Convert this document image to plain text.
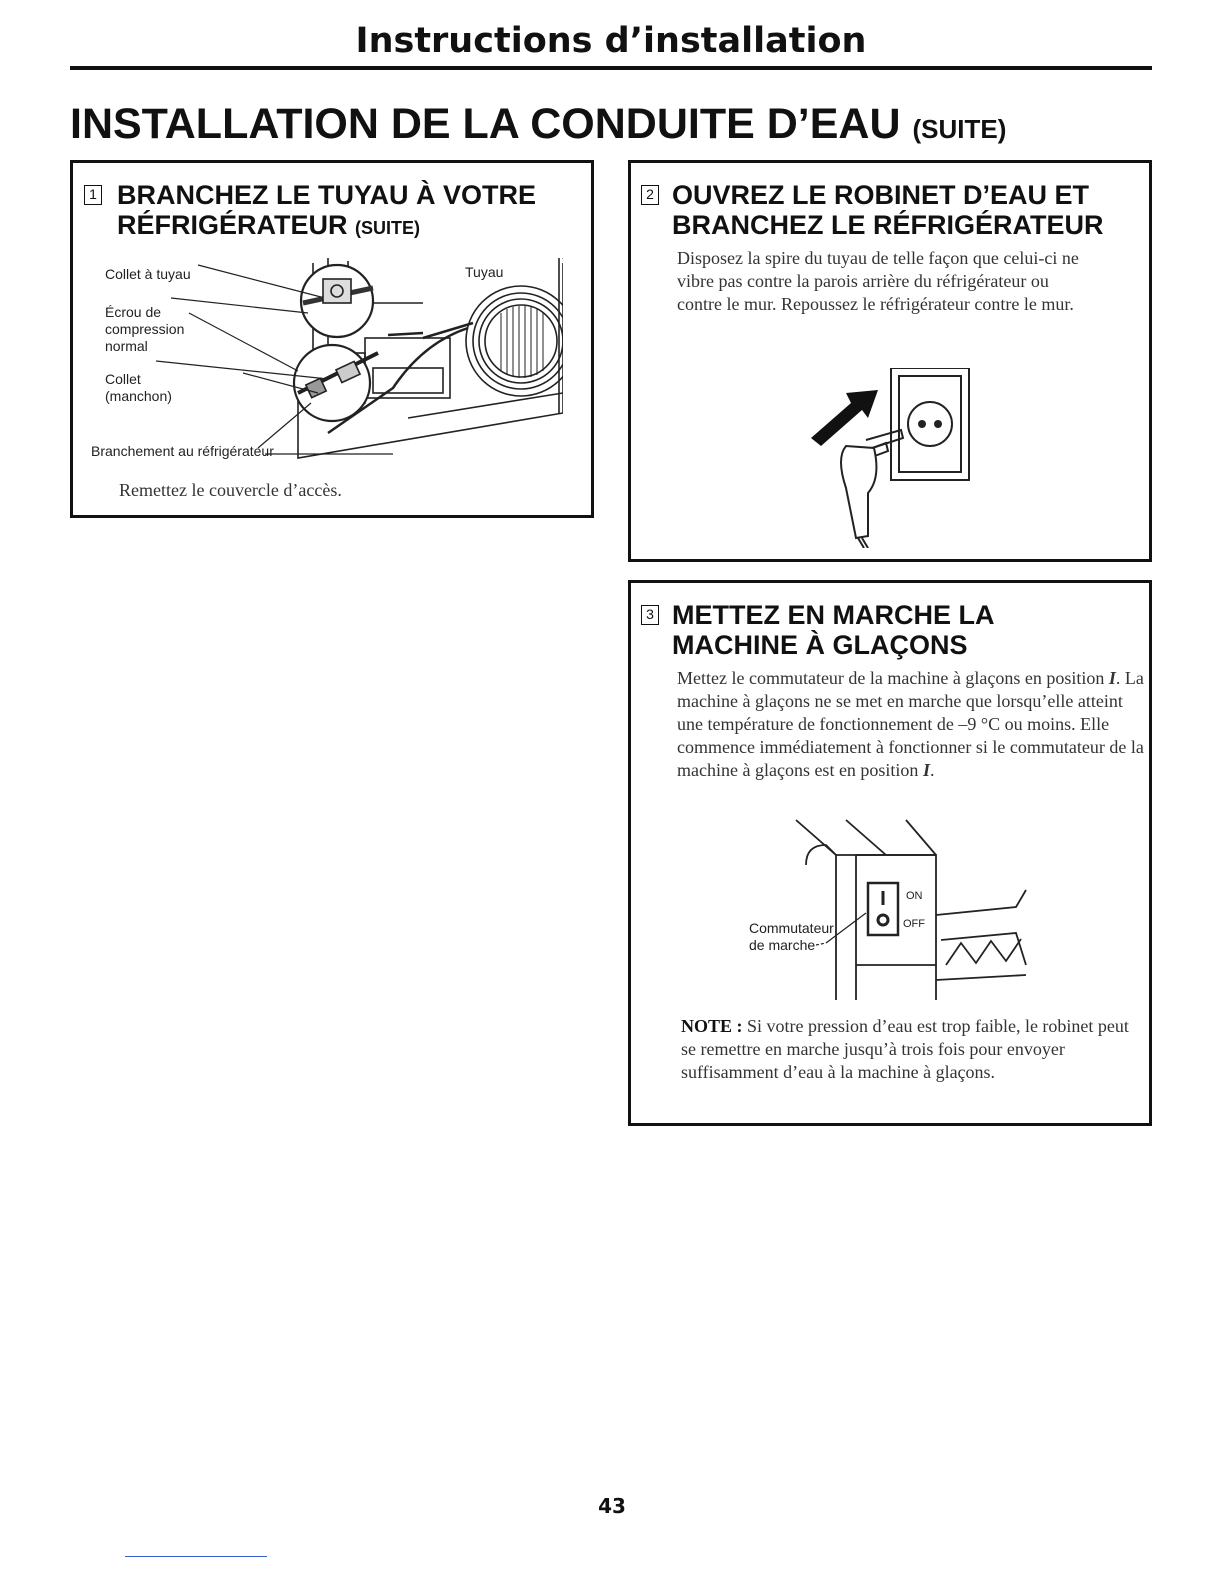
Instructions d’installation
INSTALLATION DE LA CONDUITE D’EAU (SUITE)
1 BRANCHEZ LE TUYAU À VOTRE
RÉFRIGÉRATEUR (SUITE)
Collet à tuyau	Tuyau
Écrou de
compression
normal
Collet
(manchon)
Branchement au réfrigérateur
Remettez le couvercle d’accès.
2 OUVREZ LE ROBINET D’EAU ET
BRANCHEZ LE RÉFRIGÉRATEUR
Disposez la spire du tuyau de telle façon que celui-ci ne vibre pas contre la parois arrière du réfrigérateur ou contre le mur. Repoussez le réfrigérateur contre le mur.
3 METTEZ EN MARCHE LA
MACHINE À GLAÇONS
Mettez le commutateur de la machine à glaçons en position I. La machine à glaçons ne se met en marche que lorsqu’elle atteint une température de fonctionnement de –9 °C ou moins. Elle commence immédiatement à fonctionner si le commutateur de la machine à glaçons est en position I.
ON
OFF
Commutateur
de marche
NOTE : Si votre pression d’eau est trop faible, le robinet peut se remettre en marche jusqu’à trois fois pour envoyer suffisamment d’eau à la machine à glaçons.
43
